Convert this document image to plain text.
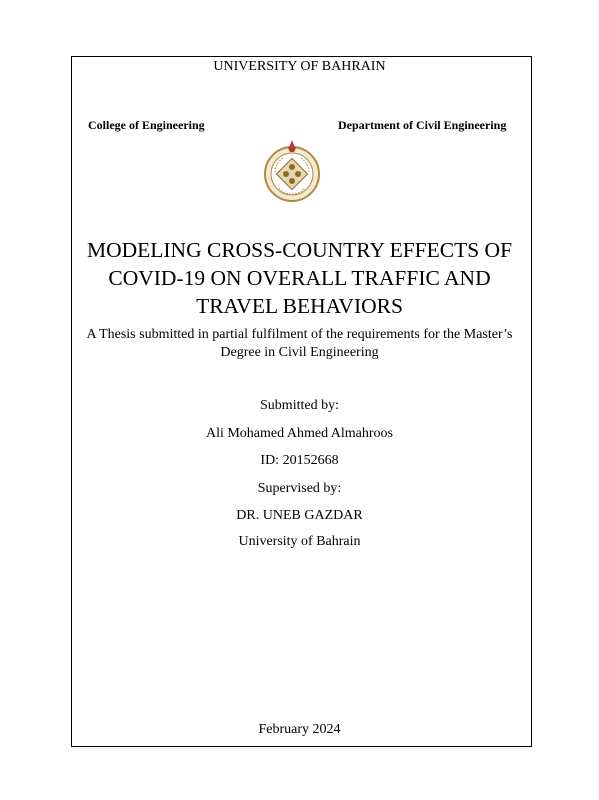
UNIVERSITY OF BAHRAIN
College of Engineering	Department of Civil Engineering
MODELING CROSS-COUNTRY EFFECTS OF
COVID-19 ON OVERALL TRAFFIC AND
TRAVEL BEHAVIORS
A Thesis submitted in partial fulfilment of the requirements for the Master’s
Degree in Civil Engineering
Submitted by:
Ali Mohamed Ahmed Almahroos
ID: 20152668
Supervised by:
DR. UNEB GAZDAR
University of Bahrain
February 2024
